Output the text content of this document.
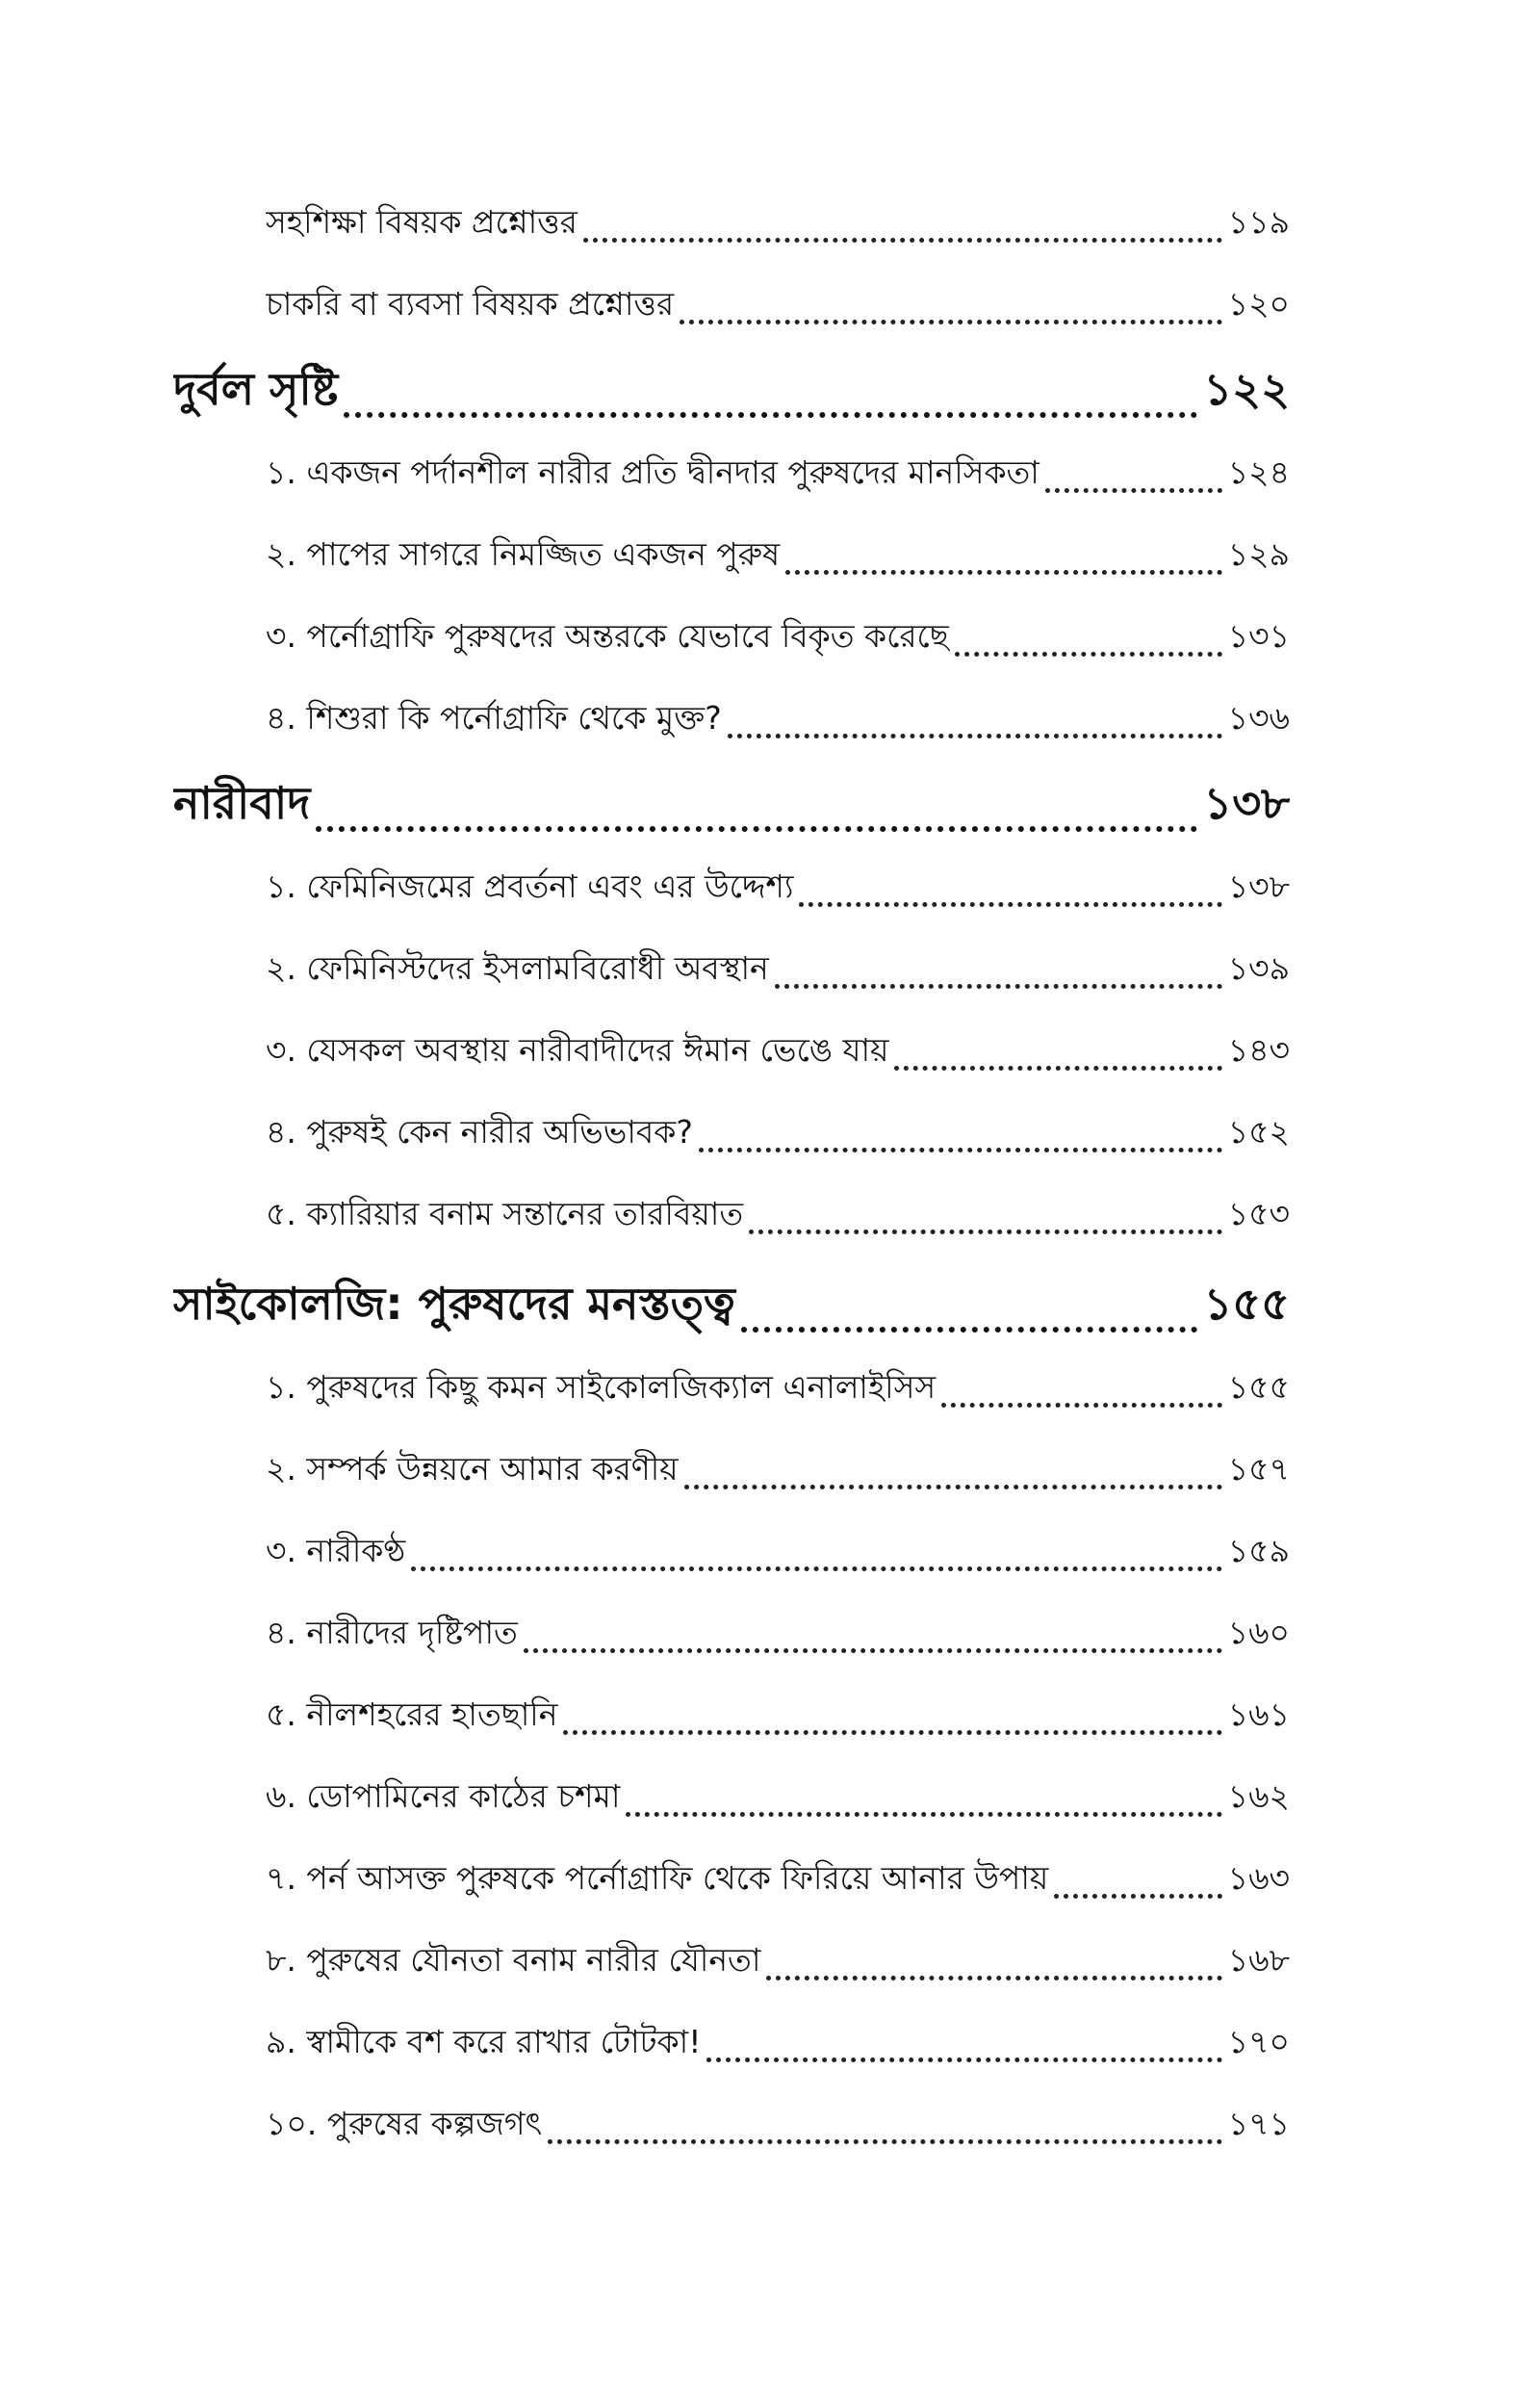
সহশিক্ষা বিষয়ক প্রশ্নোত্তর	১১৯
চাকরি বা ব্যবসা বিষয়ক প্রশ্নোত্তর	১২০
দুর্বল সৃষ্টি	১২২
১. একজন পর্দানশীল নারীর প্রতি দ্বীনদার পুরুষদের মানসিকতা	১২৪
২. পাপের সাগরে নিমজ্জিত একজন পুরুষ	১২৯
৩. পর্নোগ্রাফি পুরুষদের অন্তরকে যেভাবে বিকৃত করেছে	১৩১
৪. শিশুরা কি পর্নোগ্রাফি থেকে মুক্ত?	১৩৬
নারীবাদ	১৩৮
১. ফেমিনিজমের প্রবর্তনা এবং এর উদ্দেশ্য	১৩৮
২. ফেমিনিস্টদের ইসলামবিরোধী অবস্থান	১৩৯
৩. যেসকল অবস্থায় নারীবাদীদের ঈমান ভেঙে যায়	১৪৩
৪. পুরুষই কেন নারীর অভিভাবক?	১৫২
৫. ক্যারিয়ার বনাম সন্তানের তারবিয়াত	১৫৩
সাইকোলজি: পুরুষদের মনস্তত্ত্ব	১৫৫
১. পুরুষদের কিছু কমন সাইকোলজিক্যাল এনালাইসিস	১৫৫
২. সম্পর্ক উন্নয়নে আমার করণীয়	১৫৭
৩. নারীকণ্ঠ	১৫৯
৪. নারীদের দৃষ্টিপাত	১৬০
৫. নীলশহরের হাতছানি	১৬১
৬. ডোপামিনের কাঠের চশমা	১৬২
৭. পর্ন আসক্ত পুরুষকে পর্নোগ্রাফি থেকে ফিরিয়ে আনার উপায়	১৬৩
৮. পুরুষের যৌনতা বনাম নারীর যৌনতা	১৬৮
৯. স্বামীকে বশ করে রাখার টোটকা!	১৭০
১০. পুরুষের কল্পজগৎ	১৭১
